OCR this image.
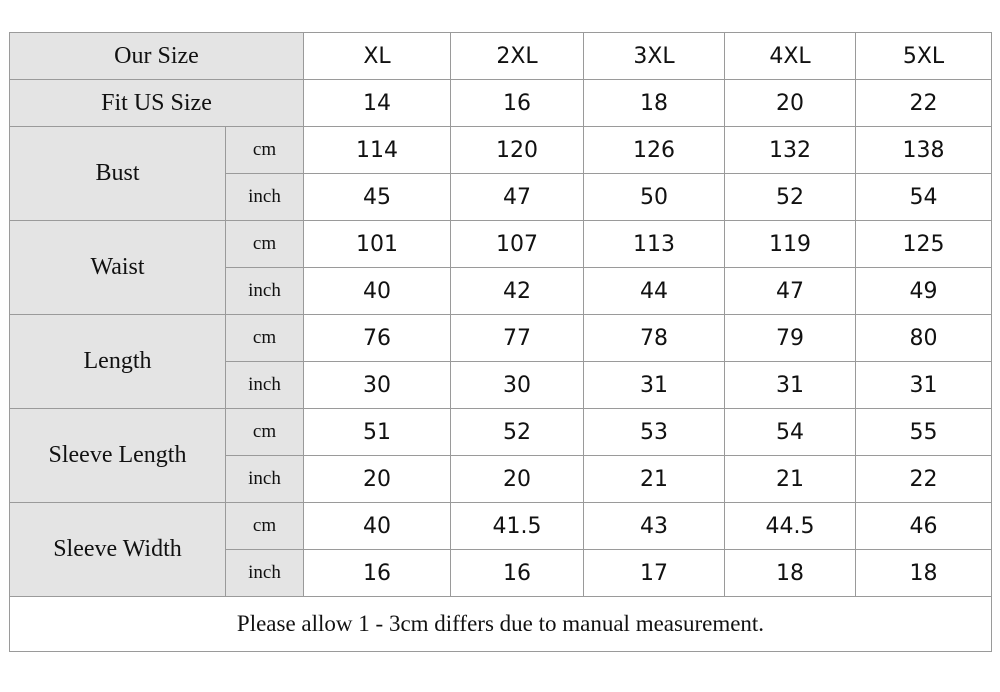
Our Size		XL	2XL	3XL	4XL	5XL
Fit US Size		14	16	18	20	22
Bust	cm	114	120	126	132	138
	inch	45	47	50	52	54
Waist	cm	101	107	113	119	125
	inch	40	42	44	47	49
Length	cm	76	77	78	79	80
	inch	30	30	31	31	31
Sleeve Length	cm	51	52	53	54	55
	inch	20	20	21	21	22
Sleeve Width	cm	40	41.5	43	44.5	46
	inch	16	16	17	18	18
Please allow 1 - 3cm differs due to manual measurement.						
